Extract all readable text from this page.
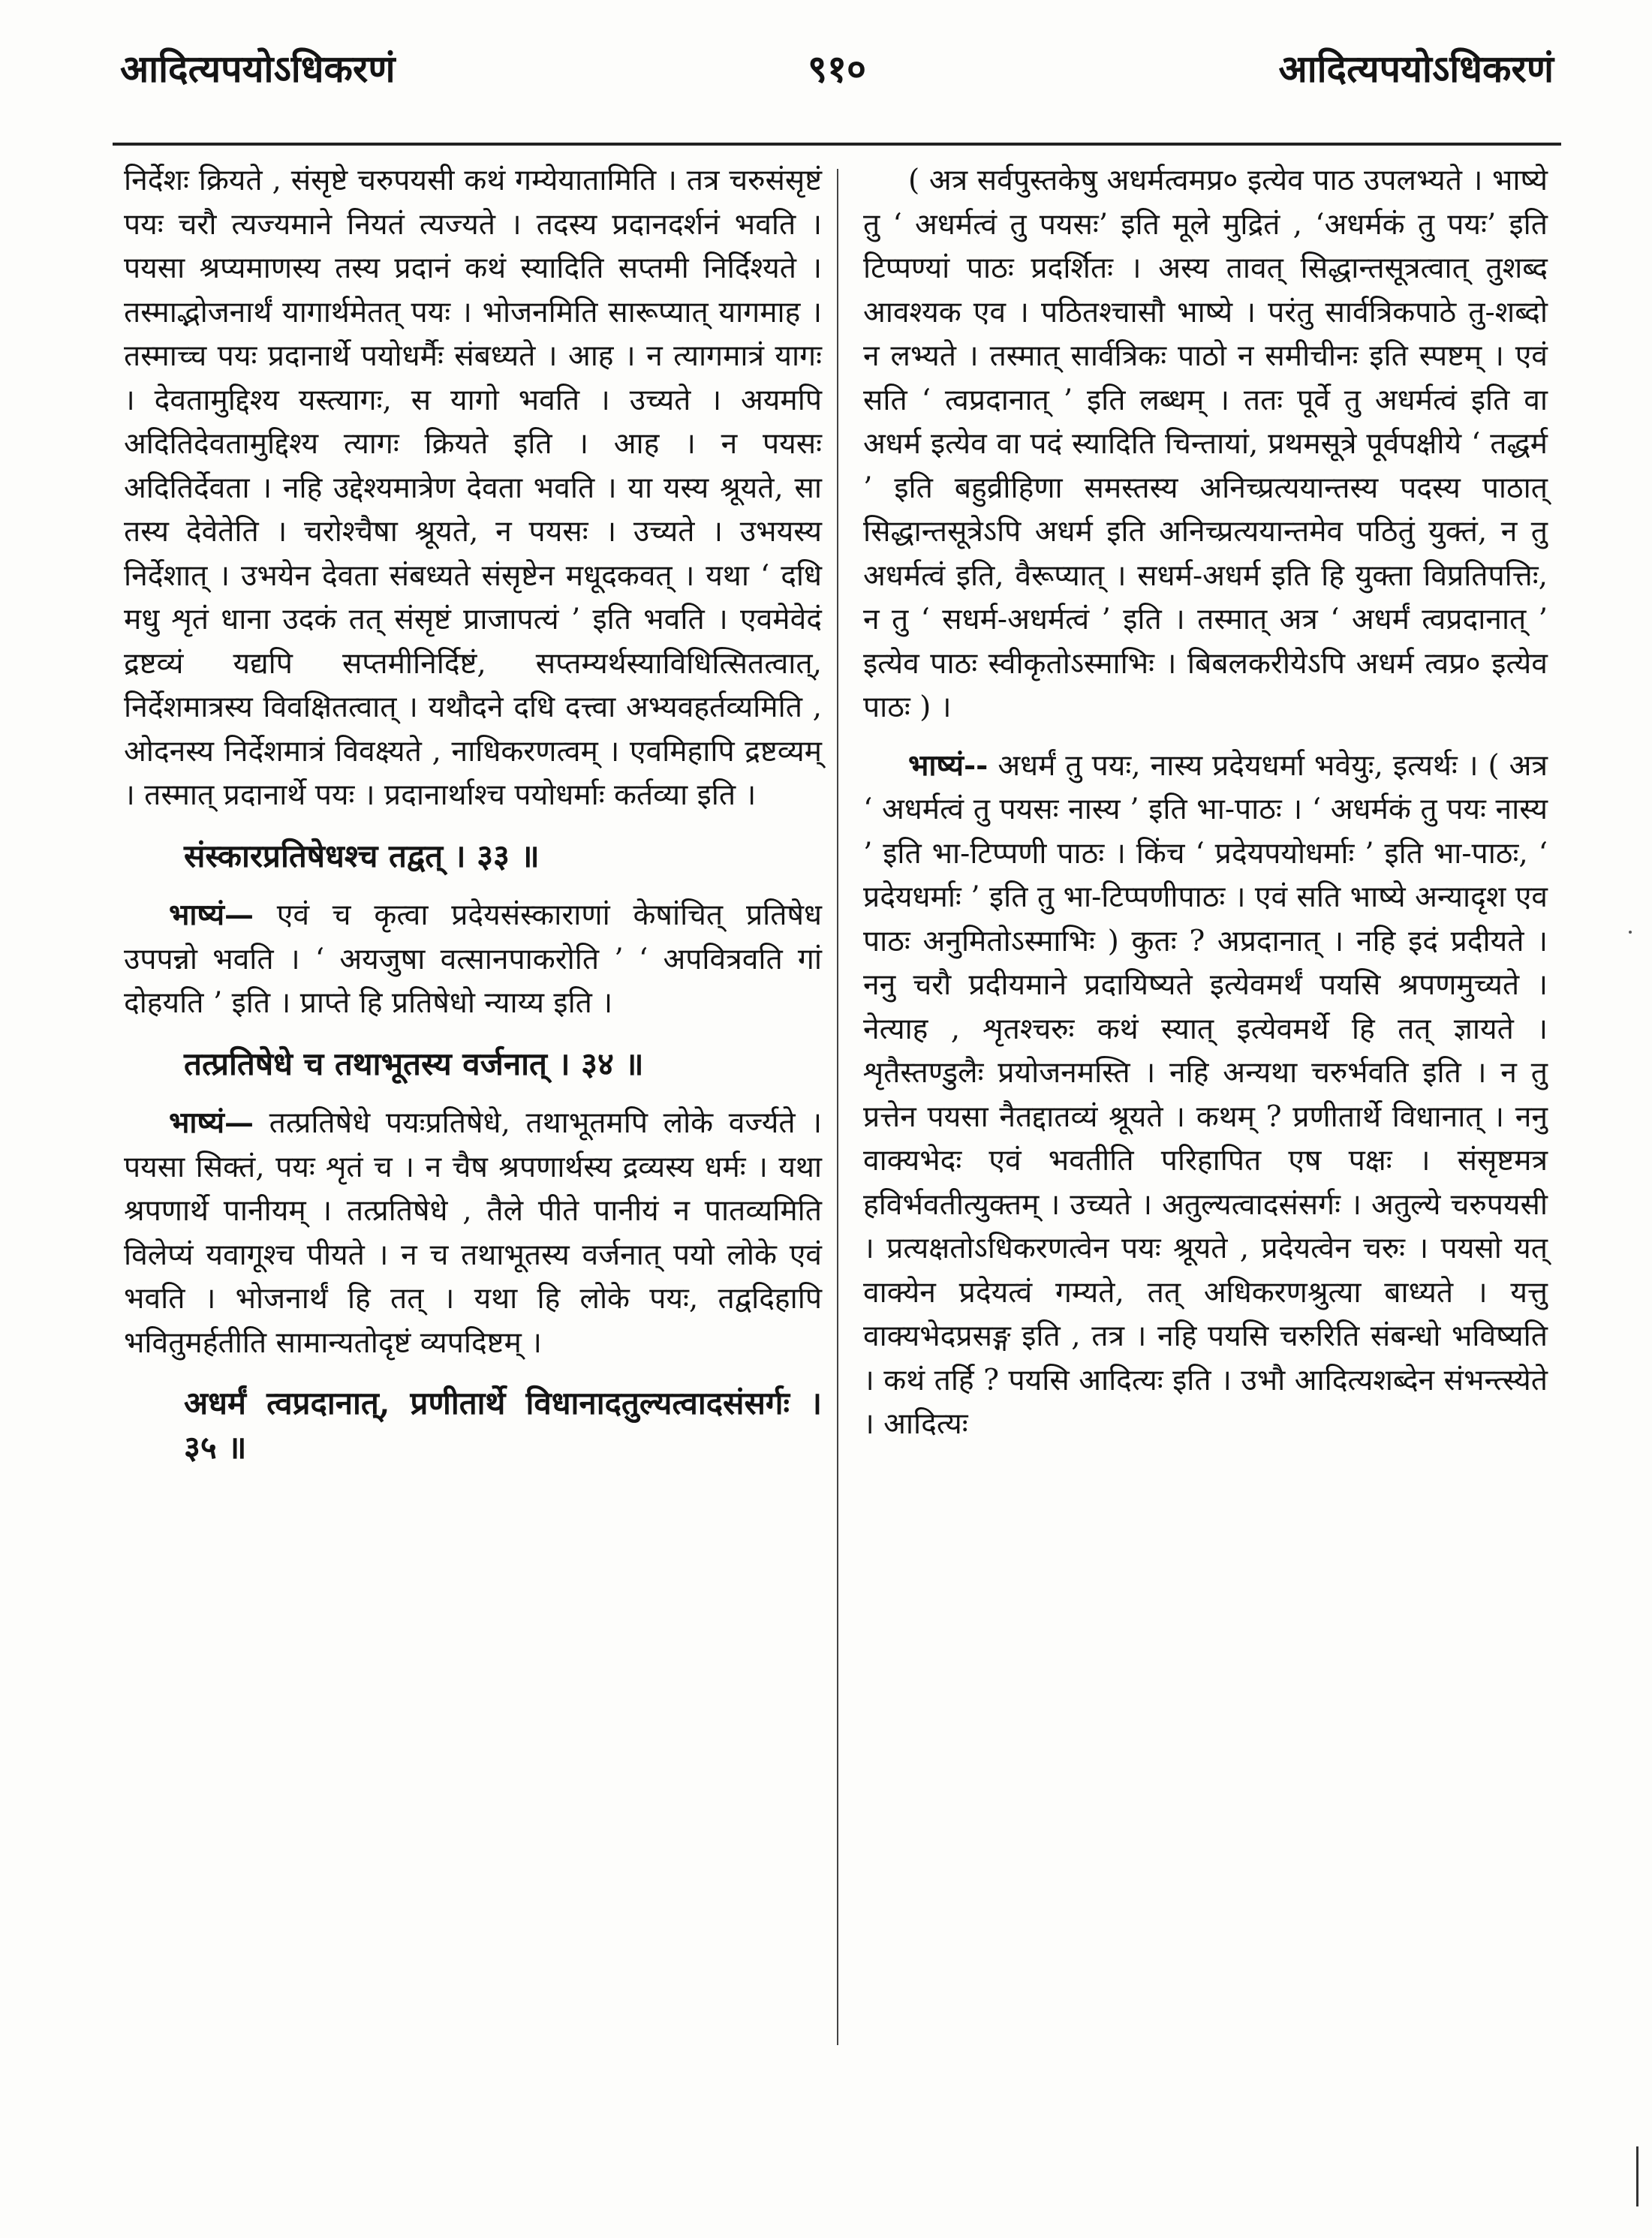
आदित्यपयोऽधिकरणं	९१०	आदित्यपयोऽधिकरणं

निर्देशः क्रियते , संसृष्टे चरुपयसी कथं गम्येयातामिति । तत्र चरुसंसृष्टं पयः चरौ त्यज्यमाने नियतं त्यज्यते । तदस्य प्रदानदर्शनं भवति । पयसा श्रप्यमाणस्य तस्य प्रदानं कथं स्यादिति सप्तमी निर्दिश्यते । तस्माद्भोजनार्थं यागार्थमेतत् पयः । भोजनमिति सारूप्यात् यागमाह । तस्माच्च पयः प्रदानार्थे पयोधर्मैः संबध्यते । आह । न त्यागमात्रं यागः । देवतामुद्दिश्य यस्त्यागः, स यागो भवति । उच्यते । अयमपि अदितिदेवतामुद्दिश्य त्यागः क्रियते इति । आह । न पयसः अदितिर्देवता । नहि उद्देश्यमात्रेण देवता भवति । या यस्य श्रूयते, सा तस्य देवेतेति । चरोश्चैषा श्रूयते, न पयसः । उच्यते । उभयस्य निर्देशात् । उभयेन देवता संबध्यते संसृष्टेन मधूदकवत् । यथा ‘ दधि मधु शृतं धाना उदकं तत् संसृष्टं प्राजापत्यं ’ इति भवति । एवमेवेदं द्रष्टव्यं यद्यपि सप्तमीनिर्दिष्टं, सप्तम्यर्थस्याविधित्सितत्वात्, निर्देशमात्रस्य विवक्षितत्वात् । यथौदने दधि दत्त्वा अभ्यवहर्तव्यमिति , ओदनस्य निर्देशमात्रं विवक्ष्यते , नाधिकरणत्वम् । एवमिहापि द्रष्टव्यम् । तस्मात् प्रदानार्थे पयः । प्रदानार्थाश्च पयोधर्माः कर्तव्या इति ।

संस्कारप्रतिषेधश्च तद्वत् । ३३ ॥

भाष्यं— एवं च कृत्वा प्रदेयसंस्काराणां केषांचित् प्रतिषेध उपपन्नो भवति । ‘ अयजुषा वत्सानपाकरोति ’ ‘ अपवित्रवति गां दोहयति ’ इति । प्राप्ते हि प्रतिषेधो न्याय्य इति ।

तत्प्रतिषेधे च तथाभूतस्य वर्जनात् । ३४ ॥

भाष्यं— तत्प्रतिषेधे पयःप्रतिषेधे, तथाभूतमपि लोके वर्ज्यते । पयसा सिक्तं, पयः शृतं च । न चैष श्रपणार्थस्य द्रव्यस्य धर्मः । यथा श्रपणार्थे पानीयम् । तत्प्रतिषेधे , तैले पीते पानीयं न पातव्यमिति विलेप्यं यवागूश्च पीयते । न च तथाभूतस्य वर्जनात् पयो लोके एवं भवति । भोजनार्थं हि तत् । यथा हि लोके पयः, तद्वदिहापि भवितुमर्हतीति सामान्यतोदृष्टं व्यपदिष्टम् ।

अधर्मं त्वप्रदानात्, प्रणीतार्थे विधानादतुल्यत्वादसंसर्गः । ३५ ॥

( अत्र सर्वपुस्तकेषु अधर्मत्वमप्र० इत्येव पाठ उपलभ्यते । भाष्ये तु ‘ अधर्मत्वं तु पयसः’ इति मूले मुद्रितं , ‘अधर्मकं तु पयः’ इति टिप्पण्यां पाठः प्रदर्शितः । अस्य तावत् सिद्धान्तसूत्रत्वात् तुशब्द आवश्यक एव । पठितश्चासौ भाष्ये । परंतु सार्वत्रिकपाठे तु-शब्दो न लभ्यते । तस्मात् सार्वत्रिकः पाठो न समीचीनः इति स्पष्टम् । एवं सति ‘ त्वप्रदानात् ’ इति लब्धम् । ततः पूर्वे तु अधर्मत्वं इति वा अधर्म इत्येव वा पदं स्यादिति चिन्तायां, प्रथमसूत्रे पूर्वपक्षीये ‘ तद्धर्म ’ इति बहुव्रीहिणा समस्तस्य अनिच्प्रत्ययान्तस्य पदस्य पाठात् सिद्धान्तसूत्रेऽपि अधर्म इति अनिच्प्रत्ययान्तमेव पठितुं युक्तं, न तु अधर्मत्वं इति, वैरूप्यात् । सधर्म-अधर्म इति हि युक्ता विप्रतिपत्तिः, न तु ‘ सधर्म-अधर्मत्वं ’ इति । तस्मात् अत्र ‘ अधर्मं त्वप्रदानात् ’ इत्येव पाठः स्वीकृतोऽस्माभिः । बिबलकरीयेऽपि अधर्म त्वप्र० इत्येव पाठः ) ।

भाष्यं-- अधर्मं तु पयः, नास्य प्रदेयधर्मा भवेयुः, इत्यर्थः । ( अत्र ‘ अधर्मत्वं तु पयसः नास्य ’ इति भा-पाठः । ‘ अधर्मकं तु पयः नास्य ’ इति भा-टिप्पणी पाठः । किंच ‘ प्रदेयपयोधर्माः ’ इति भा-पाठः, ‘ प्रदेयधर्माः ’ इति तु भा-टिप्पणीपाठः । एवं सति भाष्ये अन्यादृश एव पाठः अनुमितोऽस्माभिः ) कुतः ? अप्रदानात् । नहि इदं प्रदीयते । ननु चरौ प्रदीयमाने प्रदायिष्यते इत्येवमर्थं पयसि श्रपणमुच्यते । नेत्याह , शृतश्चरुः कथं स्यात् इत्येवमर्थे हि तत् ज्ञायते । शृतैस्तण्डुलैः प्रयोजनमस्ति । नहि अन्यथा चरुर्भवति इति । न तु प्रत्तेन पयसा नैतद्दातव्यं श्रूयते । कथम् ? प्रणीतार्थे विधानात् । ननु वाक्यभेदः एवं भवतीति परिहापित एष पक्षः । संसृष्टमत्र हविर्भवतीत्युक्तम् । उच्यते । अतुल्यत्वादसंसर्गः । अतुल्ये चरुपयसी । प्रत्यक्षतोऽधिकरणत्वेन पयः श्रूयते , प्रदेयत्वेन चरुः । पयसो यत् वाक्येन प्रदेयत्वं गम्यते, तत् अधिकरणश्रुत्या बाध्यते । यत्तु वाक्यभेदप्रसङ्ग इति , तत्र । नहि पयसि चरुरिति संबन्धो भविष्यति । कथं तर्हि ? पयसि आदित्यः इति । उभौ आदित्यशब्देन संभन्त्स्येते । आदित्यः
